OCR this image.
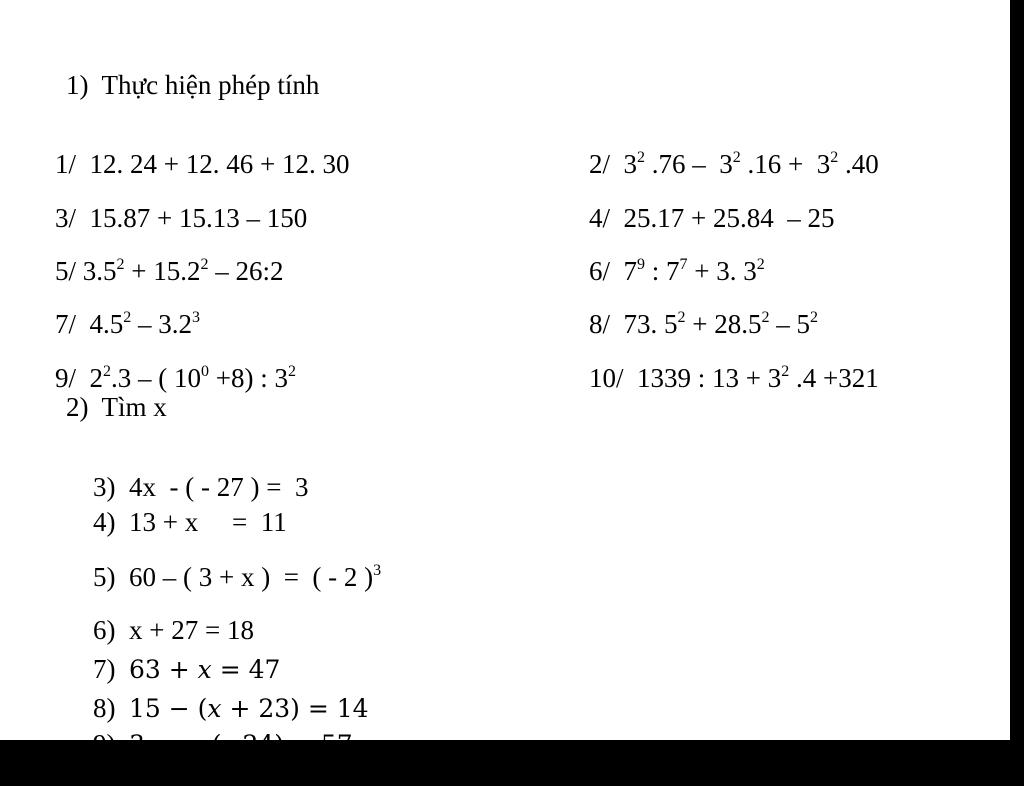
1)  Thực hiện phép tính

1/ 12. 24 + 12. 46 + 12. 30

3/ 15.87 + 15.13 – 150

5/ $3.5^2 + 15.2^2$ – 26:2

7/ $4.5^2 - 3.2^3$

9/ $2^2.3$ – ( $10^0 +8$) : $3^2$

2/ $3^2$ $.76 - 3^2$ $.16 + 3^2$ .40

4/ 25.17 + 25.84  – 25

6/ $7^9$ : $7^7 + 3$. $3^2$

8/ 73. $5^2 + 28.5^2 - 5^2$

10/ 1339 : $13 + 3^2$ .4 +321

2)  Tìm x

3) 4x  - ( - 27 ) =  3

4) 13 + x     =  11

5) 60 – ( 3 + x )  =  ( - 2 )$^3$

6) x + 27 = 18

7) 63 + x = 47

8) 15 − (x + 23) = 14

9) 3. x − (−24) = 57
